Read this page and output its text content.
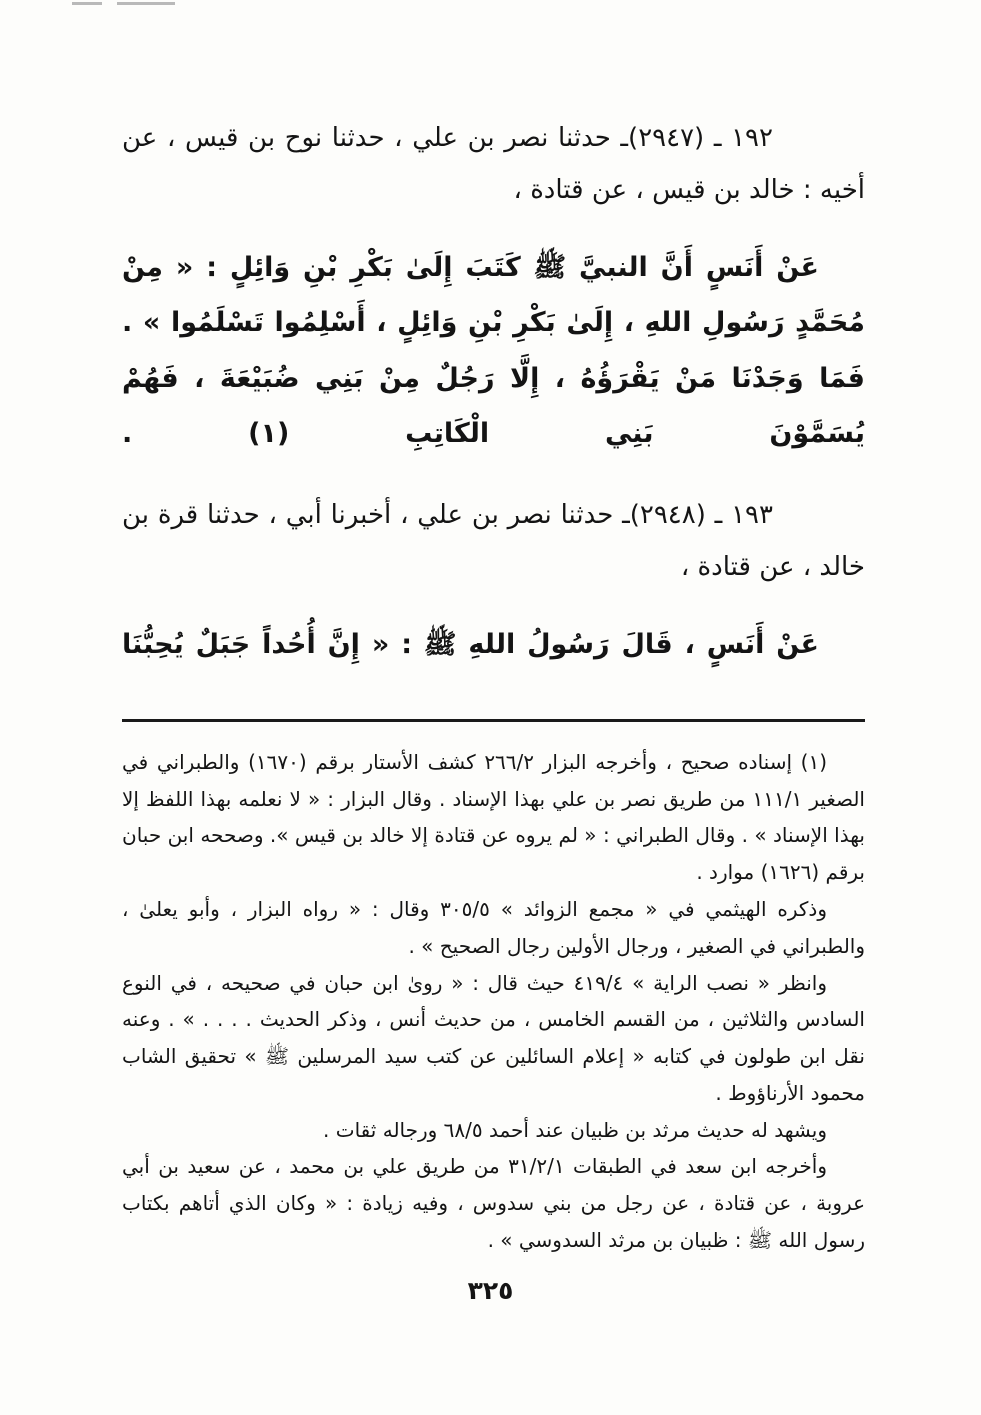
١٩٢ ـ (٢٩٤٧)ـ حدثنا نصر بن علي ، حدثنا نوح بن قيس ، عن أخيه : خالد بن قيس ، عن قتادة ،

عَنْ أَنَسٍ أَنَّ النبيَّ ﷺ كَتَبَ إِلَىٰ بَكْرِ بْنِ وَائِلٍ : « مِنْ مُحَمَّدٍ رَسُولِ اللهِ ، إِلَىٰ بَكْرِ بْنِ وَائِلٍ ، أَسْلِمُوا تَسْلَمُوا » . فَمَا وَجَدْنَا مَنْ يَقْرَؤُهُ ، إِلَّا رَجُلٌ مِنْ بَنِي ضُبَيْعَةَ ، فَهُمْ يُسَمَّوْنَ بَنِي الْكَاتِبِ (١) .

١٩٣ ـ (٢٩٤٨)ـ حدثنا نصر بن علي ، أخبرنا أبي ، حدثنا قرة بن خالد ، عن قتادة ،

عَنْ أَنَسٍ ، قَالَ رَسُولُ اللهِ ﷺ : « إِنَّ أُحُداً جَبَلٌ يُحِبُّنَا

(١) إسناده صحيح ، وأخرجه البزار ٢٦٦/٢ كشف الأستار برقم (١٦٧٠) والطبراني في الصغير ١١١/١ من طريق نصر بن علي بهذا الإسناد . وقال البزار : « لا نعلمه بهذا اللفظ إلا بهذا الإسناد » . وقال الطبراني : « لم يروه عن قتادة إلا خالد بن قيس ». وصححه ابن حبان برقم (١٦٢٦) موارد .

وذكره الهيثمي في « مجمع الزوائد » ٣٠٥/٥ وقال : « رواه البزار ، وأبو يعلىٰ ، والطبراني في الصغير ، ورجال الأولين رجال الصحيح » .

وانظر « نصب الراية » ٤١٩/٤ حيث قال : « روىٰ ابن حبان في صحيحه ، في النوع السادس والثلاثين ، من القسم الخامس ، من حديث أنس ، وذكر الحديث . . . . » . وعنه نقل ابن طولون في كتابه « إعلام السائلين عن كتب سيد المرسلين ﷺ » تحقيق الشاب محمود الأرناؤوط .

ويشهد له حديث مرثد بن ظبيان عند أحمد ٦٨/٥ ورجاله ثقات .

وأخرجه ابن سعد في الطبقات ٣١/٢/١ من طريق علي بن محمد ، عن سعيد بن أبي عروبة ، عن قتادة ، عن رجل من بني سدوس ، وفيه زيادة : « وكان الذي أتاهم بكتاب رسول الله ﷺ : ظبيان بن مرثد السدوسي » .

٣٢٥
